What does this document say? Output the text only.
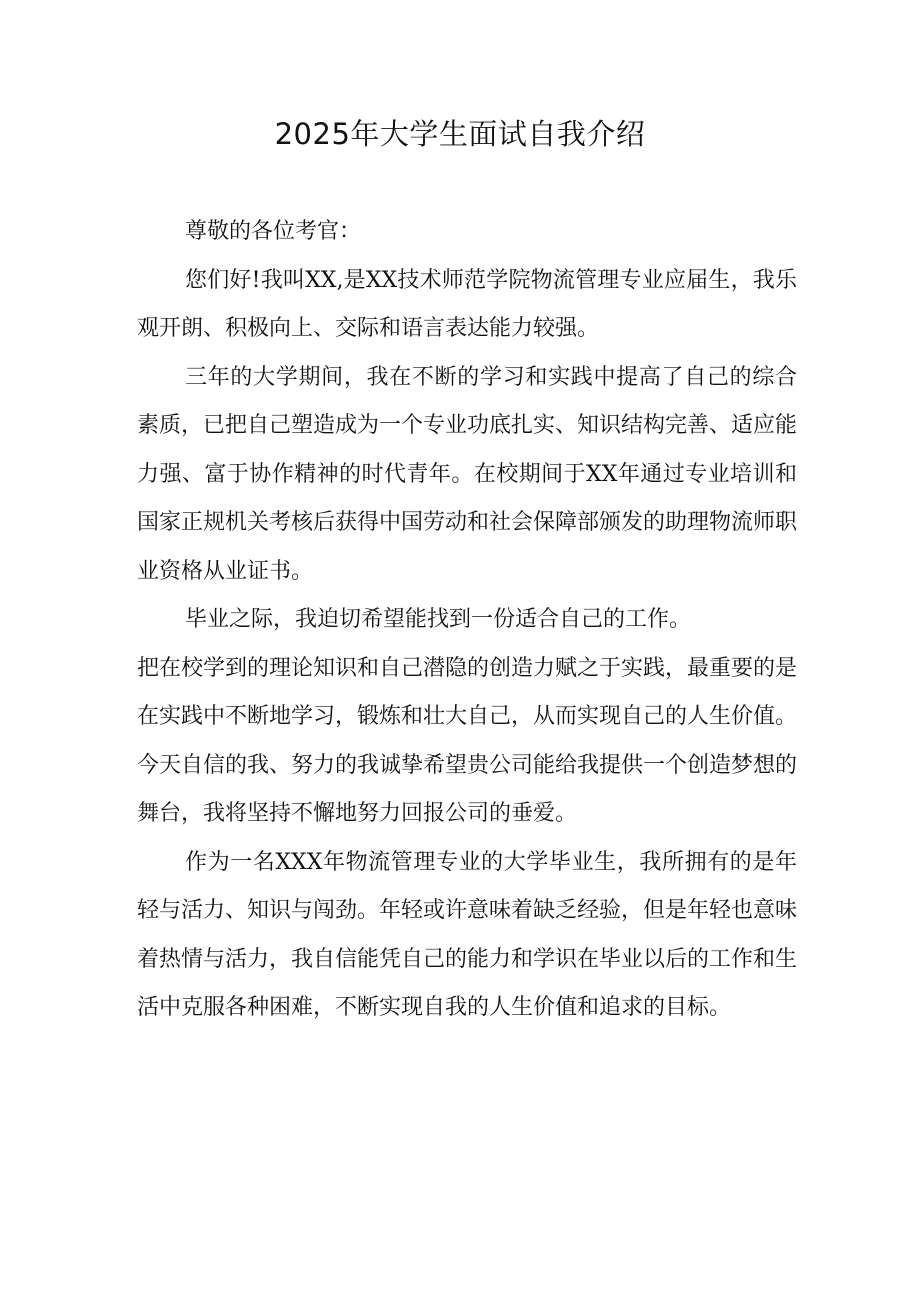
2025年大学生面试自我介绍

尊敬的各位考官：

您们好!我叫XX,是XX技术师范学院物流管理专业应届生，我乐观开朗、积极向上、交际和语言表达能力较强。

三年的大学期间，我在不断的学习和实践中提高了自己的综合素质，已把自己塑造成为一个专业功底扎实、知识结构完善、适应能力强、富于协作精神的时代青年。在校期间于XX年通过专业培训和国家正规机关考核后获得中国劳动和社会保障部颁发的助理物流师职业资格从业证书。

毕业之际，我迫切希望能找到一份适合自己的工作。

把在校学到的理论知识和自己潜隐的创造力赋之于实践，最重要的是在实践中不断地学习，锻炼和壮大自己，从而实现自己的人生价值。今天自信的我、努力的我诚挚希望贵公司能给我提供一个创造梦想的舞台，我将坚持不懈地努力回报公司的垂爱。

作为一名XXX年物流管理专业的大学毕业生，我所拥有的是年轻与活力、知识与闯劲。年轻或许意味着缺乏经验，但是年轻也意味着热情与活力，我自信能凭自己的能力和学识在毕业以后的工作和生活中克服各种困难，不断实现自我的人生价值和追求的目标。
